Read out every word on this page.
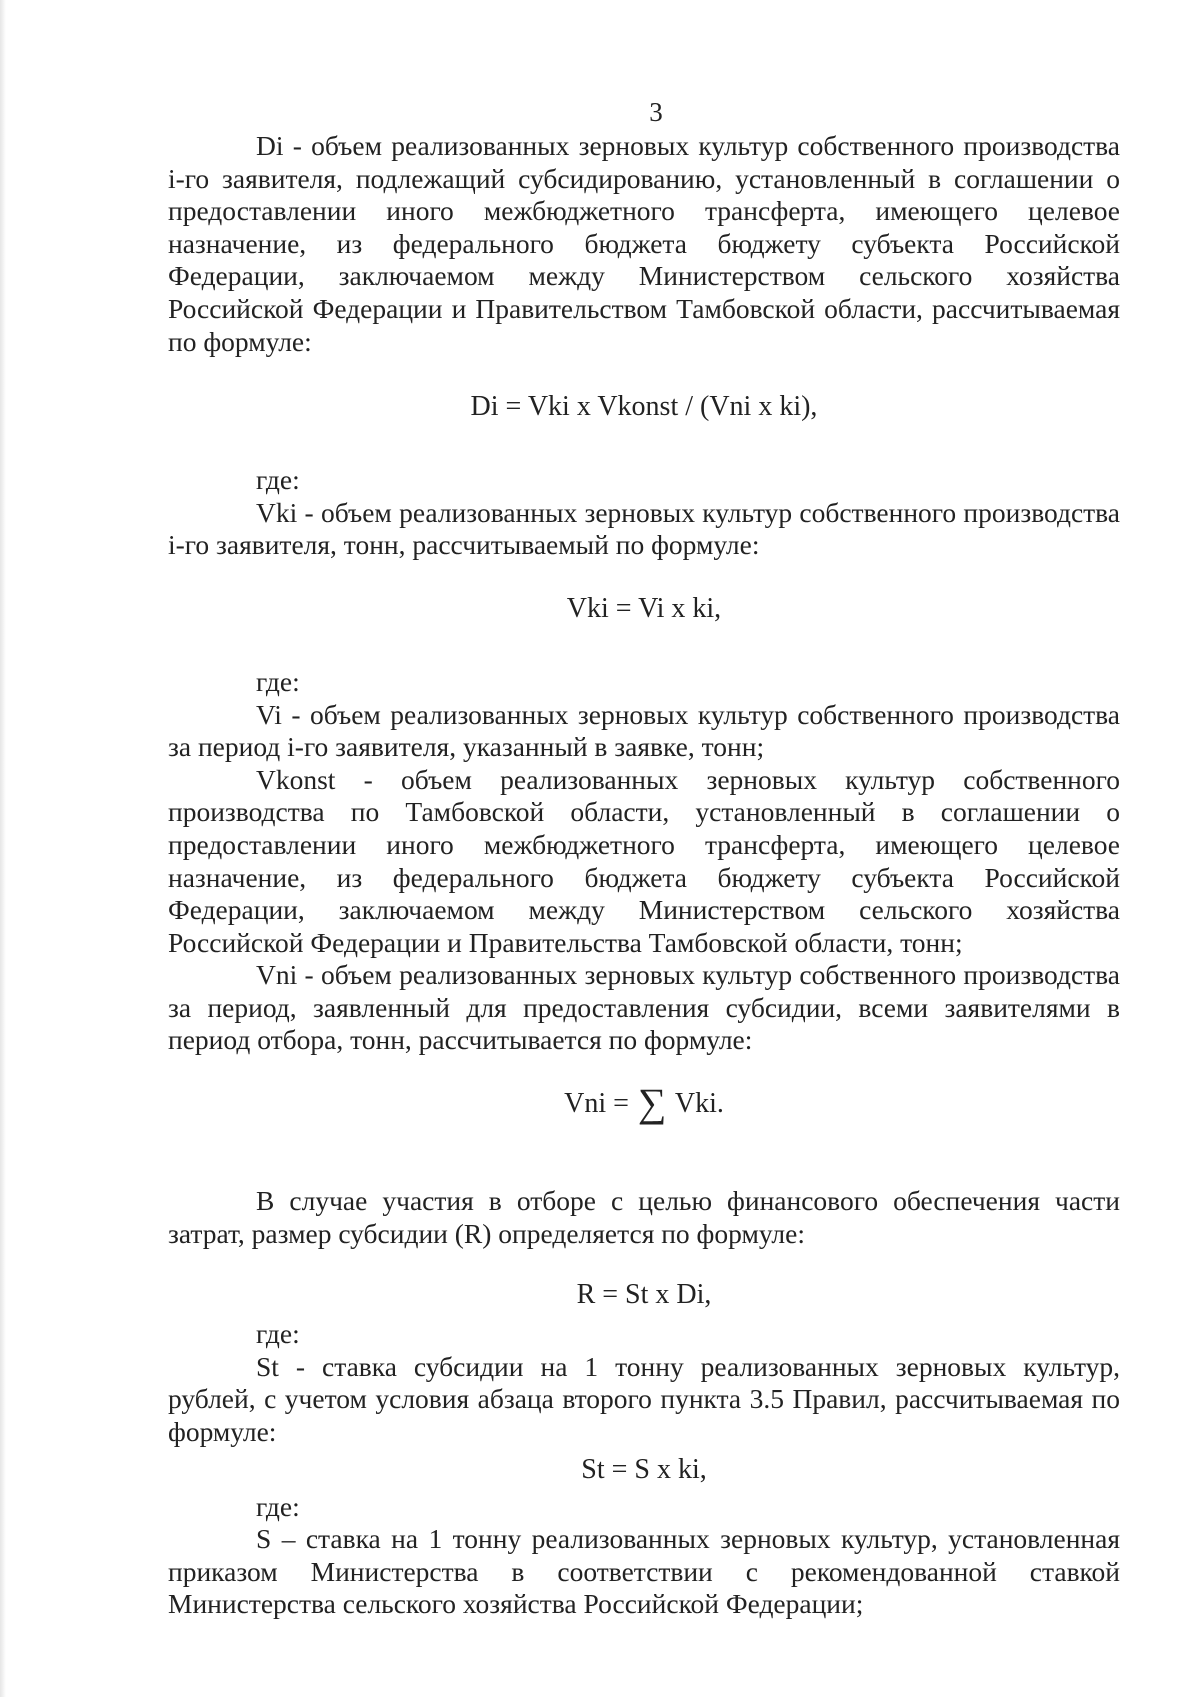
3

Di - объем реализованных зерновых культур собственного производства i-го заявителя, подлежащий субсидированию, установленный в соглашении о предоставлении иного межбюджетного трансферта, имеющего целевое назначение, из федерального бюджета бюджету субъекта Российской Федерации, заключаемом между Министерством сельского хозяйства Российской Федерации и Правительством Тамбовской области, рассчитываемая по формуле:

Di = Vki x Vkonst / (Vni x ki),

где:

Vki - объем реализованных зерновых культур собственного производства i-го заявителя, тонн, рассчитываемый по формуле:

Vki = Vi x ki,

где:

Vi - объем реализованных зерновых культур собственного производства за период i-го заявителя, указанный в заявке, тонн;

Vkonst - объем реализованных зерновых культур собственного производства по Тамбовской области, установленный в соглашении о предоставлении иного межбюджетного трансферта, имеющего целевое назначение, из федерального бюджета бюджету субъекта Российской Федерации, заключаемом между Министерством сельского хозяйства Российской Федерации и Правительства Тамбовской области, тонн;

Vni - объем реализованных зерновых культур собственного производства за период, заявленный для предоставления субсидии, всеми заявителями в период отбора, тонн, рассчитывается по формуле:

Vni = ∑ Vki.

В случае участия в отборе с целью финансового обеспечения части затрат, размер субсидии (R) определяется по формуле:

R = St x Di,

где:

St - ставка субсидии на 1 тонну реализованных зерновых культур, рублей, с учетом условия абзаца второго пункта 3.5 Правил, рассчитываемая по формуле:

St = S x ki,

где:

S – ставка на 1 тонну реализованных зерновых культур, установленная приказом Министерства в соответствии с рекомендованной ставкой Министерства сельского хозяйства Российской Федерации;
